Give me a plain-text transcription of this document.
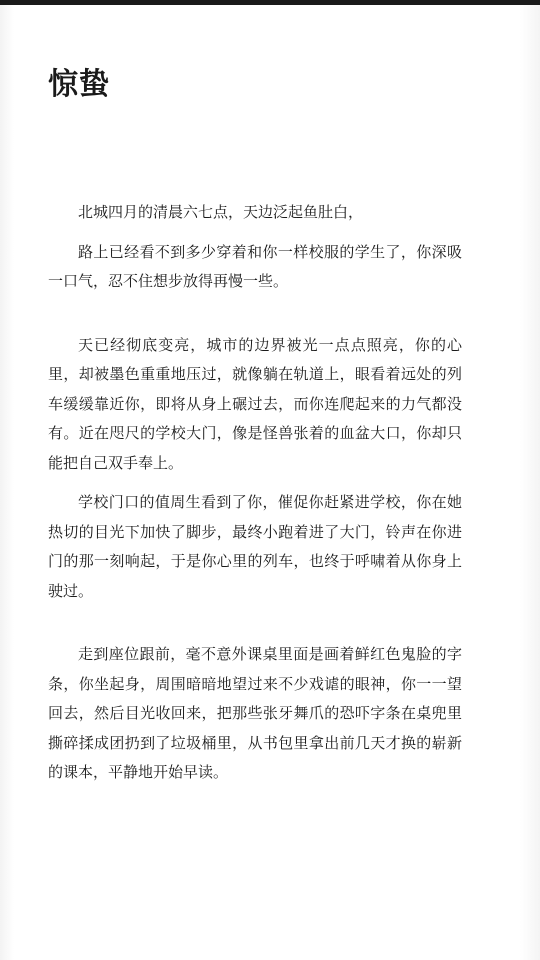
惊蛰

北城四月的清晨六七点，天边泛起鱼肚白，

路上已经看不到多少穿着和你一样校服的学生了，你深吸一口气，忍不住想步放得再慢一些。

天已经彻底变亮，城市的边界被光一点点照亮，你的心里，却被墨色重重地压过，就像躺在轨道上，眼看着远处的列车缓缓靠近你，即将从身上碾过去，而你连爬起来的力气都没有。近在咫尺的学校大门，像是怪兽张着的血盆大口，你却只能把自己双手奉上。

学校门口的值周生看到了你，催促你赶紧进学校，你在她热切的目光下加快了脚步，最终小跑着进了大门，铃声在你进门的那一刻响起，于是你心里的列车，也终于呼啸着从你身上驶过。

走到座位跟前，毫不意外课桌里面是画着鲜红色鬼脸的字条，你坐起身，周围暗暗地望过来不少戏谑的眼神，你一一望回去，然后目光收回来，把那些张牙舞爪的恐吓字条在桌兜里撕碎揉成团扔到了垃圾桶里，从书包里拿出前几天才换的崭新的课本，平静地开始早读。
